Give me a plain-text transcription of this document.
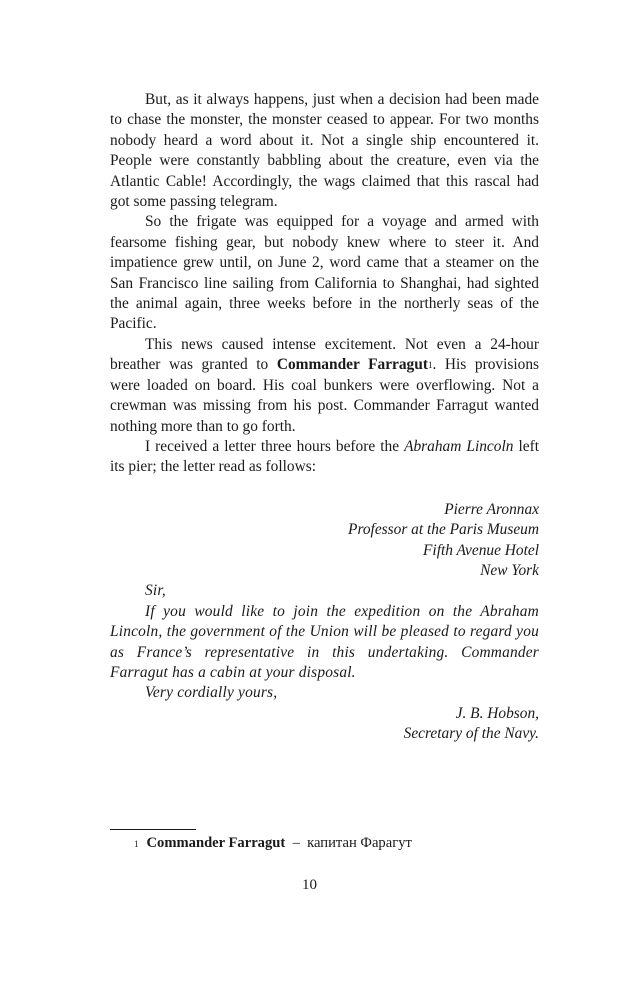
But, as it always happens, just when a decision had been made to chase the monster, the monster ceased to appear. For two months nobody heard a word about it. Not a single ship encountered it. People were constantly babbling about the creature, even via the Atlantic Cable! Accordingly, the wags claimed that this rascal had got some passing telegram.

So the frigate was equipped for a voyage and armed with fearsome fishing gear, but nobody knew where to steer it. And impatience grew until, on June 2, word came that a steamer on the San Francisco line sailing from California to Shanghai, had sighted the animal again, three weeks before in the northerly seas of the Pacific.

This news caused intense excitement. Not even a 24-hour breather was granted to Commander Farragut$^1$. His provisions were loaded on board. His coal bunkers were overflowing. Not a crewman was missing from his post. Commander Farragut wanted nothing more than to go forth.

I received a letter three hours before the Abraham Lincoln left its pier; the letter read as follows:

Pierre Aronnax
Professor at the Paris Museum
Fifth Avenue Hotel
New York

Sir,

If you would like to join the expedition on the Abraham Lincoln, the government of the Union will be pleased to regard you as France’s representative in this undertaking. Commander Farragut has a cabin at your disposal.

Very cordially yours,

J. B. Hobson,
Secretary of the Navy.
$^1$ Commander Farragut – капитан Фарагут
10
